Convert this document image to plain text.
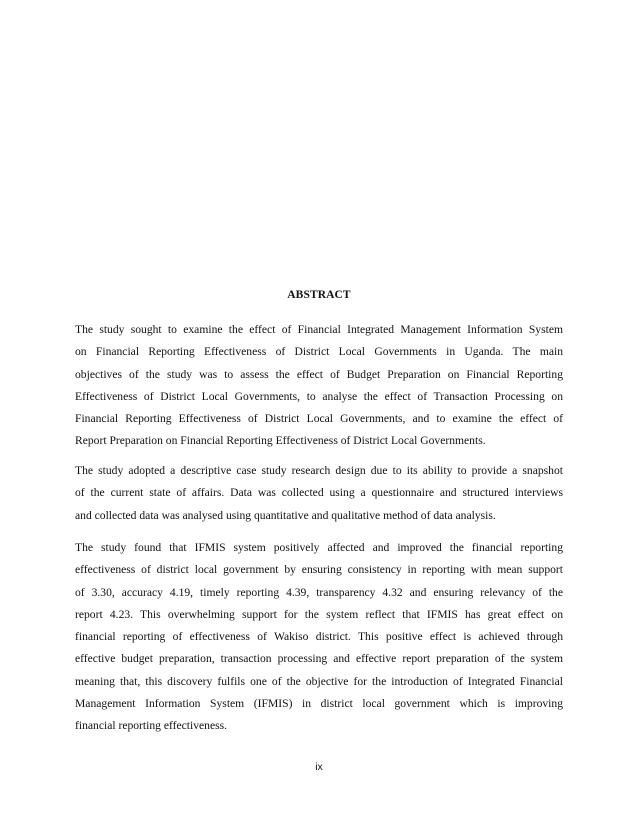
ABSTRACT
The study sought to examine the effect of Financial Integrated Management Information System
on Financial Reporting Effectiveness of District Local Governments in Uganda. The main
objectives of the study was to assess the effect of Budget Preparation on Financial Reporting
Effectiveness of District Local Governments, to analyse the effect of Transaction Processing on
Financial Reporting Effectiveness of District Local Governments, and to examine the effect of
Report Preparation on Financial Reporting Effectiveness of District Local Governments.
The study adopted a descriptive case study research design due to its ability to provide a snapshot
of the current state of affairs. Data was collected using a questionnaire and structured interviews
and collected data was analysed using quantitative and qualitative method of data analysis.
The study found that IFMIS system positively affected and improved the financial reporting
effectiveness of district local government by ensuring consistency in reporting with mean support
of 3.30, accuracy 4.19, timely reporting 4.39, transparency 4.32 and ensuring relevancy of the
report 4.23. This overwhelming support for the system reflect that IFMIS has great effect on
financial reporting of effectiveness of Wakiso district. This positive effect is achieved through
effective budget preparation, transaction processing and effective report preparation of the system
meaning that, this discovery fulfils one of the objective for the introduction of Integrated Financial
Management Information System (IFMIS) in district local government which is improving
financial reporting effectiveness.
ix
